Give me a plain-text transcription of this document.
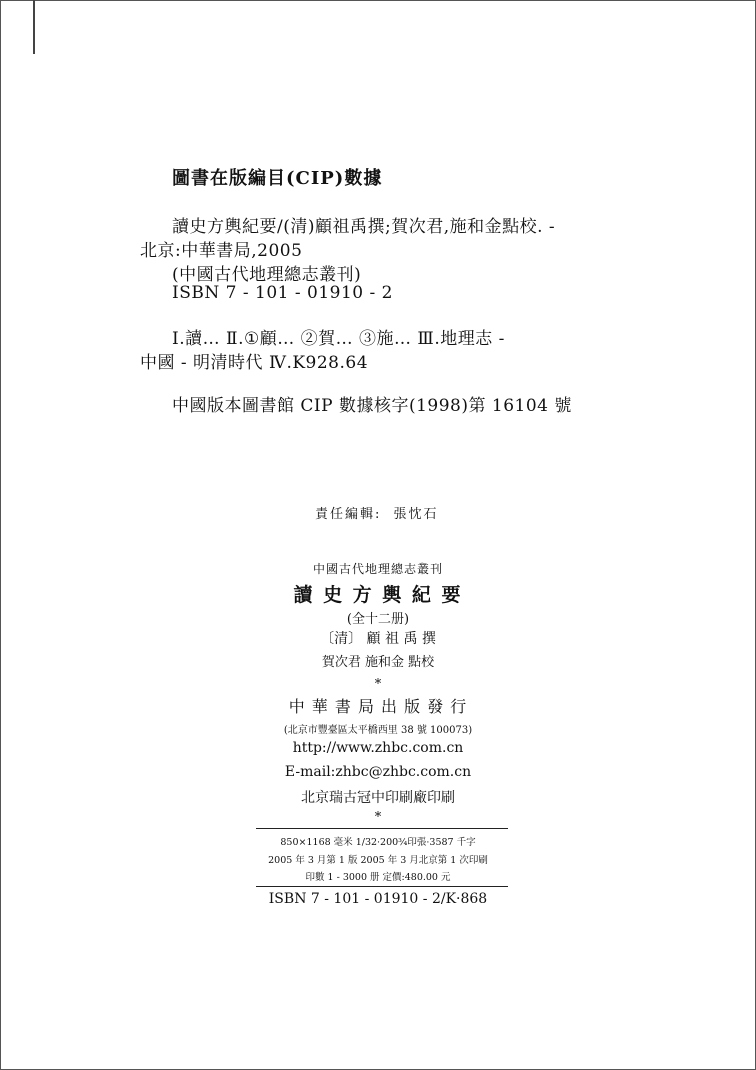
圖書在版編目(CIP)數據
讀史方輿紀要/(清)顧祖禹撰;賀次君,施和金點校. -
北京:中華書局,2005
(中國古代地理總志叢刊)
ISBN 7 - 101 - 01910 - 2
Ⅰ.讀… Ⅱ.①顧… ②賀… ③施… Ⅲ.地理志 -
中國 - 明清時代 Ⅳ.K928.64
中國版本圖書館 CIP 數據核字(1998)第 16104 號
責任編輯: 張忱石
中國古代地理總志叢刊
讀 史 方 輿 紀 要
(全十二册)
〔清〕 顧 祖 禹 撰
賀次君 施和金 點校
*
中 華 書 局 出 版 發 行
(北京市豐臺區太平橋西里 38 號 100073)
http://www.zhbc.com.cn
E-mail:zhbc@zhbc.com.cn
北京瑞古冠中印刷廠印刷
*
850×1168 毫米 1/32·200¾印張·3587 千字
2005 年 3 月第 1 版 2005 年 3 月北京第 1 次印刷
印數 1 - 3000 册 定價:480.00 元
ISBN 7 - 101 - 01910 - 2/K·868
